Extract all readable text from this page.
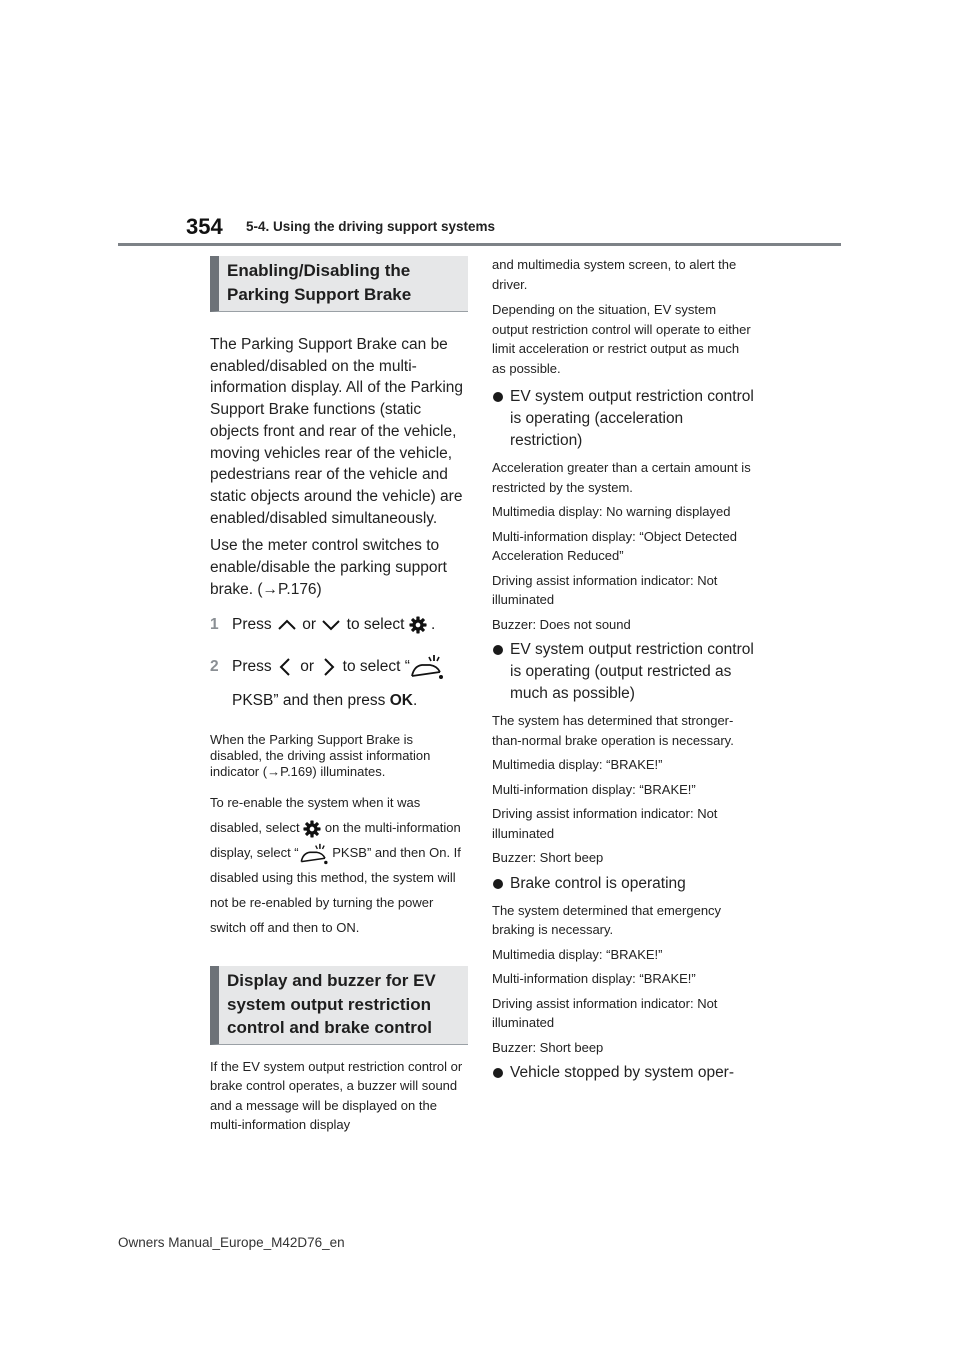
354 5-4. Using the driving support systems
Enabling/Disabling the Parking Support Brake

The Parking Support Brake can be enabled/disabled on the multi-information display. All of the Parking Support Brake functions (static objects front and rear of the vehicle, moving vehicles rear of the vehicle, pedestrians rear of the vehicle and static objects around the vehicle) are enabled/disabled simultaneously.

Use the meter control switches to enable/disable the parking support brake. (→P.176)

1 Press or to select .
2 Press or to select “
PKSB” and then press OK.

When the Parking Support Brake is disabled, the driving assist information indicator (→P.169) illuminates.

To re-enable the system when it was disabled, select on the multi-information display, select “	PKSB” and then On. If disabled using this method, the system will not be re-enabled by turning the power switch off and then to ON.
Display and buzzer for EV system output restriction control and brake control

If the EV system output restriction control or brake control operates, a buzzer will sound and a message will be displayed on the multi-information display

and multimedia system screen, to alert the driver.

Depending on the situation, EV system output restriction control will operate to either limit acceleration or restrict output as much as possible.

EV system output restriction control is operating (acceleration restriction)

Acceleration greater than a certain amount is restricted by the system.

Multimedia display: No warning displayed

Multi-information display: “Object Detected Acceleration Reduced”

Driving assist information indicator: Not illuminated

Buzzer: Does not sound

EV system output restriction control is operating (output restricted as much as possible)

The system has determined that stronger-than-normal brake operation is necessary.

Multimedia display: “BRAKE!”

Multi-information display: “BRAKE!”

Driving assist information indicator: Not illuminated

Buzzer: Short beep

Brake control is operating

The system determined that emergency braking is necessary.

Multimedia display: “BRAKE!”

Multi-information display: “BRAKE!”

Driving assist information indicator: Not illuminated

Buzzer: Short beep

Vehicle stopped by system oper-
Owners Manual_Europe_M42D76_en
